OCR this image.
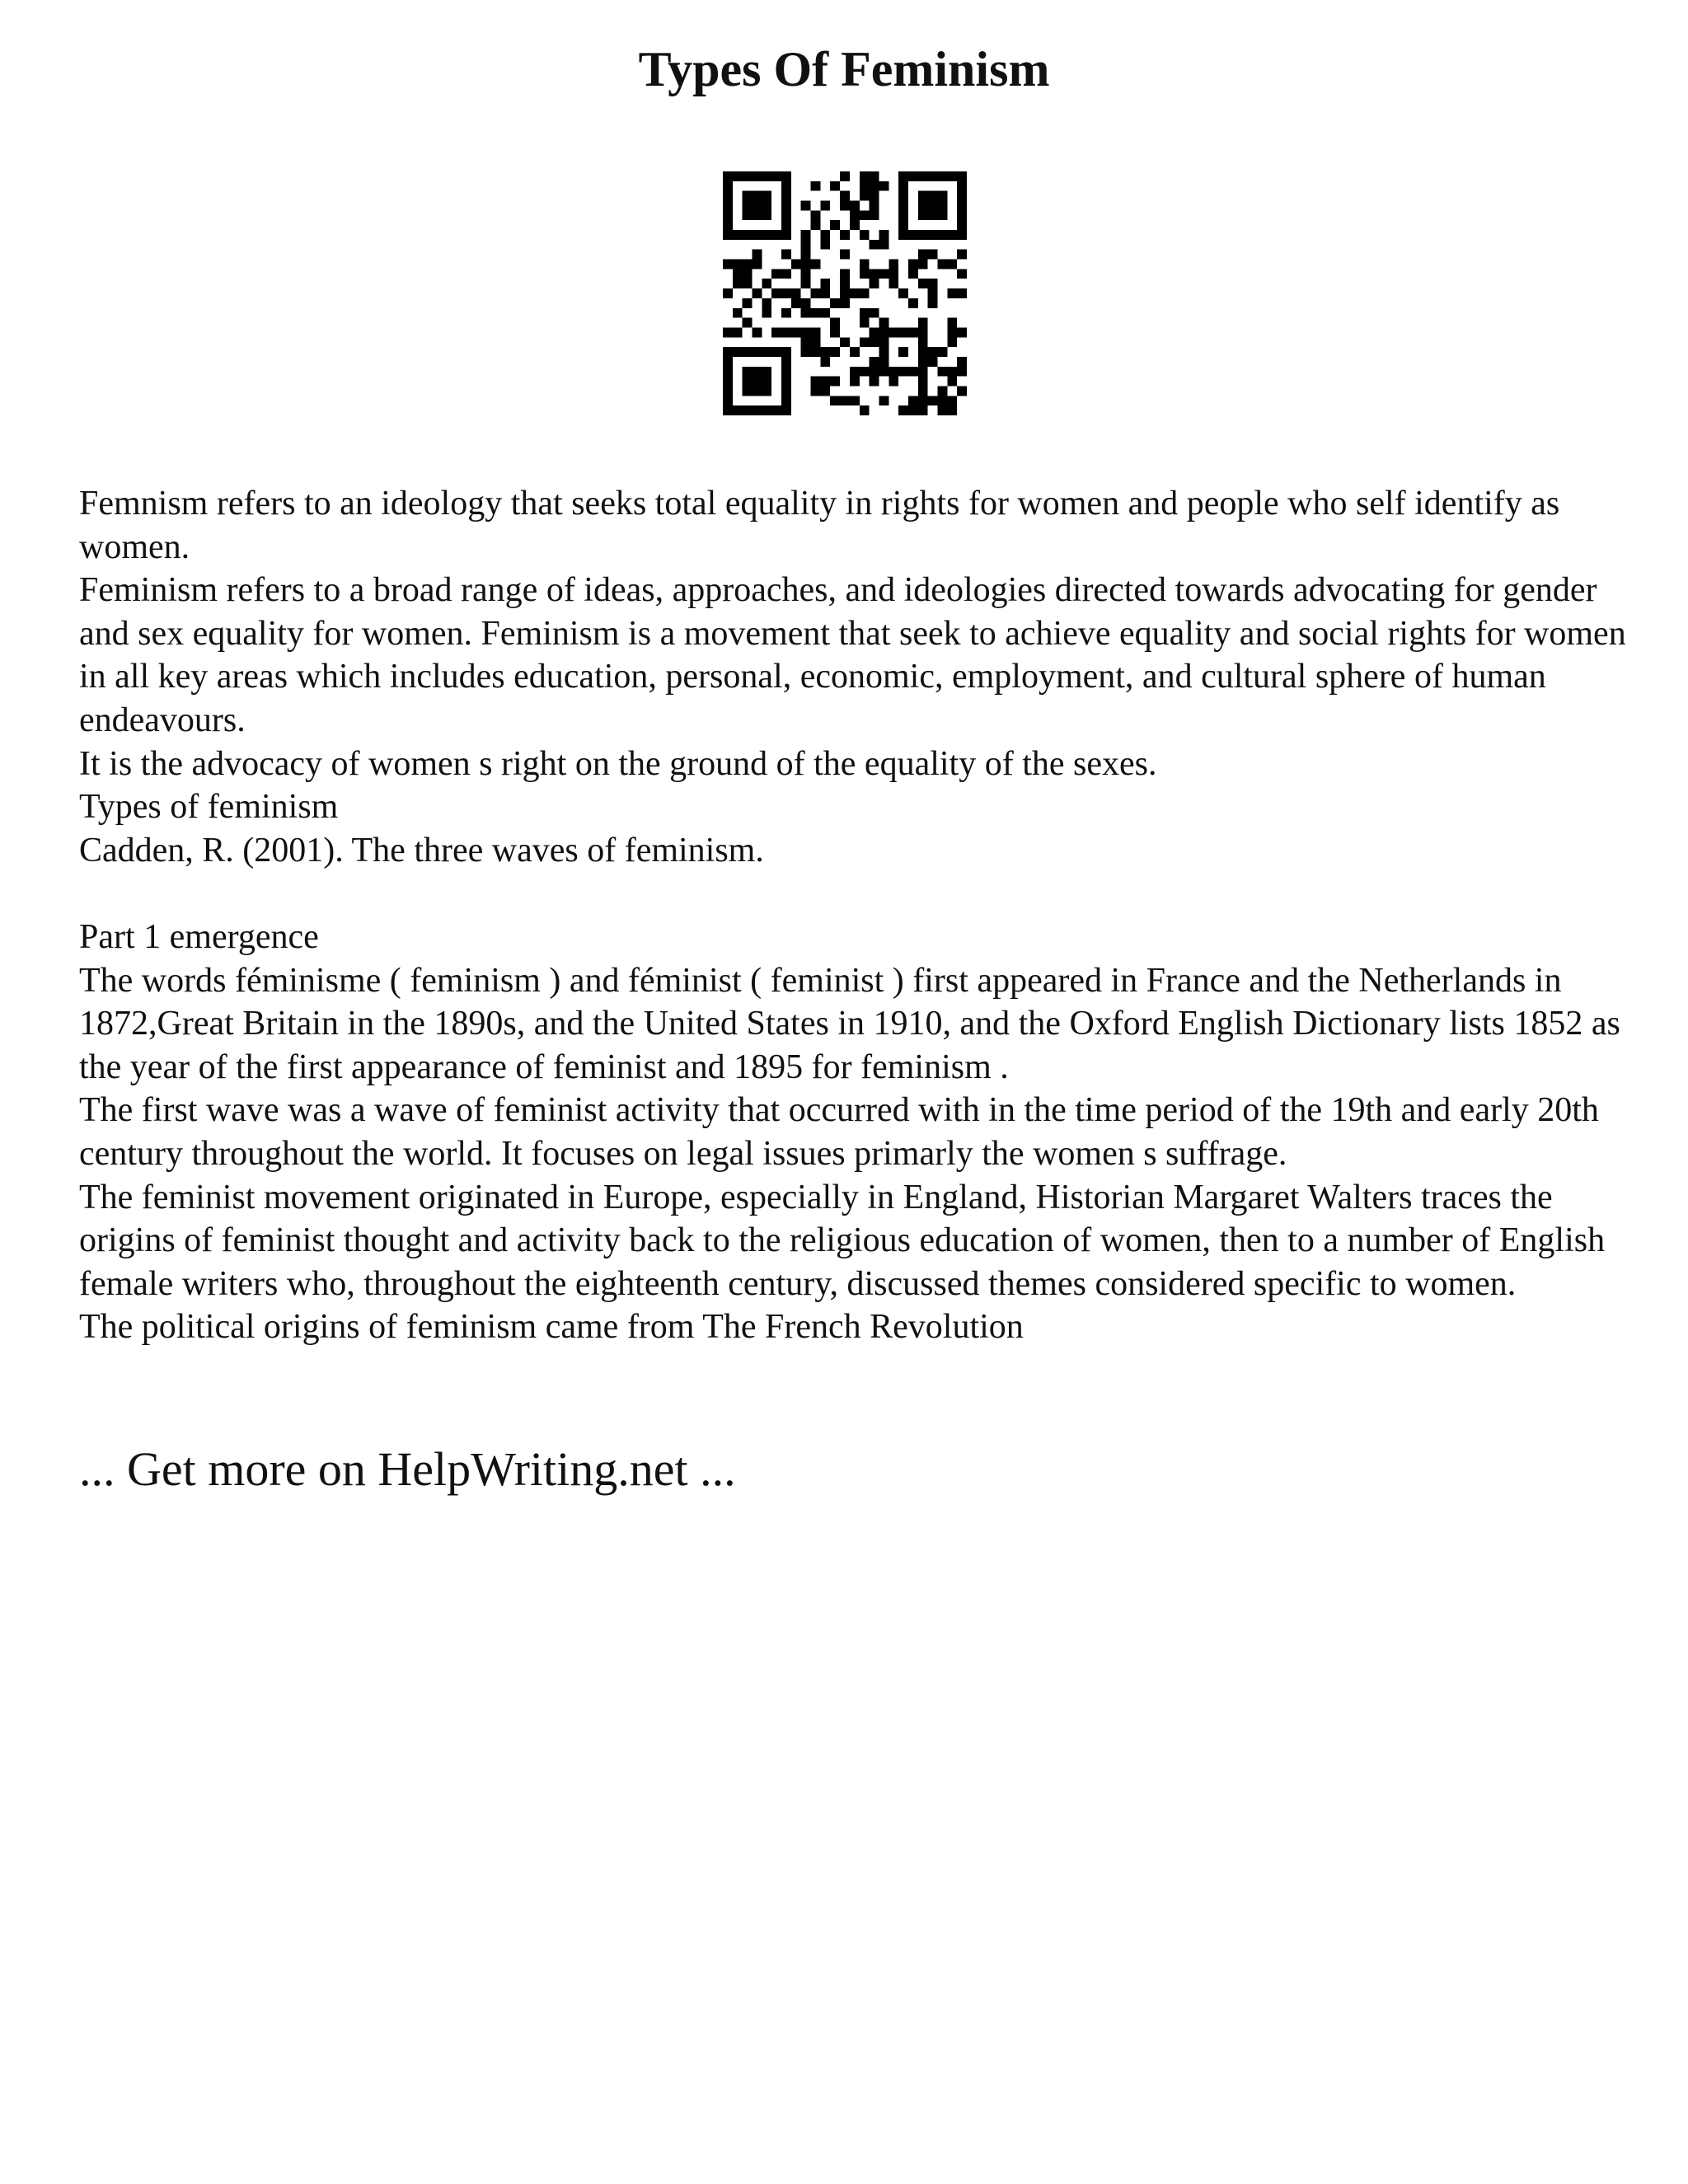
Types Of Feminism

Femnism refers to an ideology that seeks total equality in rights for women and people who self identify as women.

Feminism refers to a broad range of ideas, approaches, and ideologies directed towards advocating for gender and sex equality for women. Feminism is a movement that seek to achieve equality and social rights for women in all key areas which includes education, personal, economic, employment, and cultural sphere of human endeavours.

It is the advocacy of women s right on the ground of the equality of the sexes.

Types of feminism

Cadden, R. (2001). The three waves of feminism.

Part 1 emergence

The words féminisme ( feminism ) and féminist ( feminist ) first appeared in France and the Netherlands in 1872,Great Britain in the 1890s, and the United States in 1910, and the Oxford English Dictionary lists 1852 as the year of the first appearance of feminist and 1895 for feminism .

The first wave was a wave of feminist activity that occurred with in the time period of the 19th and early 20th century throughout the world. It focuses on legal issues primarly the women s suffrage.

The feminist movement originated in Europe, especially in England, Historian Margaret Walters traces the origins of feminist thought and activity back to the religious education of women, then to a number of English female writers who, throughout the eighteenth century, discussed themes considered specific to women.

The political origins of feminism came from The French Revolution

... Get more on HelpWriting.net ...
